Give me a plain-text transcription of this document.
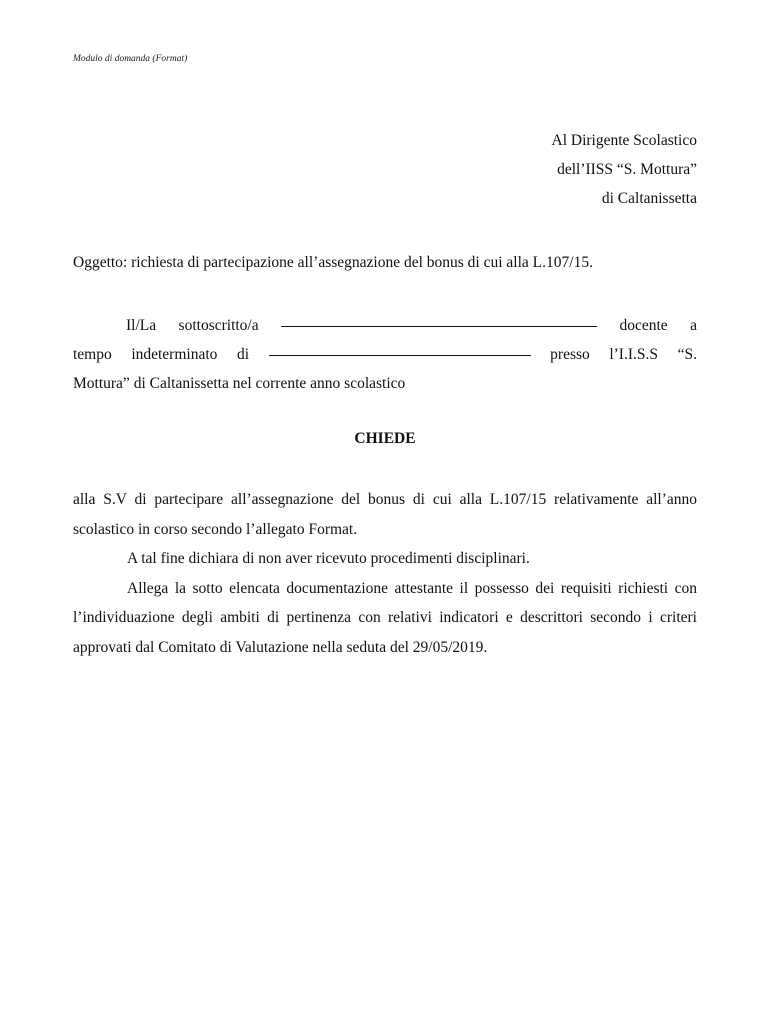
Modulo di domanda (Format)
Al Dirigente Scolastico
dell’IISS “S. Mottura”
di Caltanissetta
Oggetto: richiesta di partecipazione all’assegnazione del bonus di cui alla L.107/15.
Il/La sottoscritto/a	docente a
tempo indeterminato di	presso l’I.I.S.S “S.
Mottura” di Caltanissetta nel corrente anno scolastico
CHIEDE

alla S.V di partecipare all’assegnazione del bonus di cui alla L.107/15 relativamente all’anno scolastico in corso secondo l’allegato Format.

A tal fine dichiara di non aver ricevuto procedimenti disciplinari.

Allega la sotto elencata documentazione attestante il possesso dei requisiti richiesti con l’individuazione degli ambiti di pertinenza con relativi indicatori e descrittori secondo i criteri approvati dal Comitato di Valutazione nella seduta del 29/05/2019.
